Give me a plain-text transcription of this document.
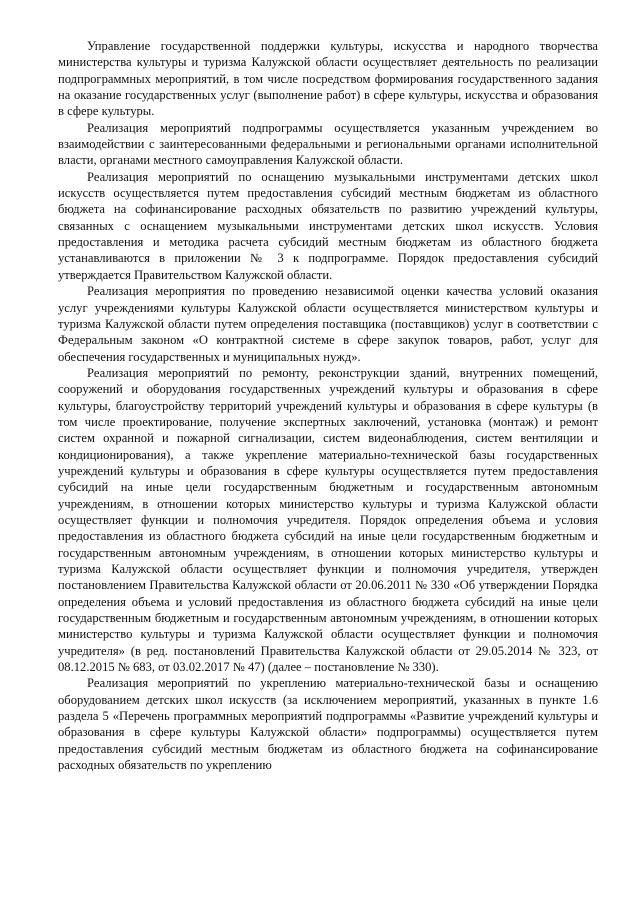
Управление государственной поддержки культуры, искусства и народного творчества министерства культуры и туризма Калужской области осуществляет деятельность по реализации подпрограммных мероприятий, в том числе посредством формирования государственного задания на оказание государственных услуг (выполнение работ) в сфере культуры, искусства и образования в сфере культуры.

Реализация мероприятий подпрограммы осуществляется указанным учреждением во взаимодействии с заинтересованными федеральными и региональными органами исполнительной власти, органами местного самоуправления Калужской области.

Реализация мероприятий по оснащению музыкальными инструментами детских школ искусств осуществляется путем предоставления субсидий местным бюджетам из областного бюджета на софинансирование расходных обязательств по развитию учреждений культуры, связанных с оснащением музыкальными инструментами детских школ искусств. Условия предоставления и методика расчета субсидий местным бюджетам из областного бюджета устанавливаются в приложении № 3 к подпрограмме. Порядок предоставления субсидий утверждается Правительством Калужской области.

Реализация мероприятия по проведению независимой оценки качества условий оказания услуг учреждениями культуры Калужской области осуществляется министерством культуры и туризма Калужской области путем определения поставщика (поставщиков) услуг в соответствии с Федеральным законом «О контрактной системе в сфере закупок товаров, работ, услуг для обеспечения государственных и муниципальных нужд».

Реализация мероприятий по ремонту, реконструкции зданий, внутренних помещений, сооружений и оборудования государственных учреждений культуры и образования в сфере культуры, благоустройству территорий учреждений культуры и образования в сфере культуры (в том числе проектирование, получение экспертных заключений, установка (монтаж) и ремонт систем охранной и пожарной сигнализации, систем видеонаблюдения, систем вентиляции и кондиционирования), а также укрепление материально-технической базы государственных учреждений культуры и образования в сфере культуры осуществляется путем предоставления субсидий на иные цели государственным бюджетным и государственным автономным учреждениям, в отношении которых министерство культуры и туризма Калужской области осуществляет функции и полномочия учредителя. Порядок определения объема и условия предоставления из областного бюджета субсидий на иные цели государственным бюджетным и государственным автономным учреждениям, в отношении которых министерство культуры и туризма Калужской области осуществляет функции и полномочия учредителя, утвержден постановлением Правительства Калужской области от 20.06.2011 № 330 «Об утверждении Порядка определения объема и условий предоставления из областного бюджета субсидий на иные цели государственным бюджетным и государственным автономным учреждениям, в отношении которых министерство культуры и туризма Калужской области осуществляет функции и полномочия учредителя» (в ред. постановлений Правительства Калужской области от 29.05.2014 № 323, от 08.12.2015 № 683, от 03.02.2017 № 47) (далее – постановление № 330).

Реализация мероприятий по укреплению материально-технической базы и оснащению оборудованием детских школ искусств (за исключением мероприятий, указанных в пункте 1.6 раздела 5 «Перечень программных мероприятий подпрограммы «Развитие учреждений культуры и образования в сфере культуры Калужской области» подпрограммы) осуществляется путем предоставления субсидий местным бюджетам из областного бюджета на софинансирование расходных обязательств по укреплению
